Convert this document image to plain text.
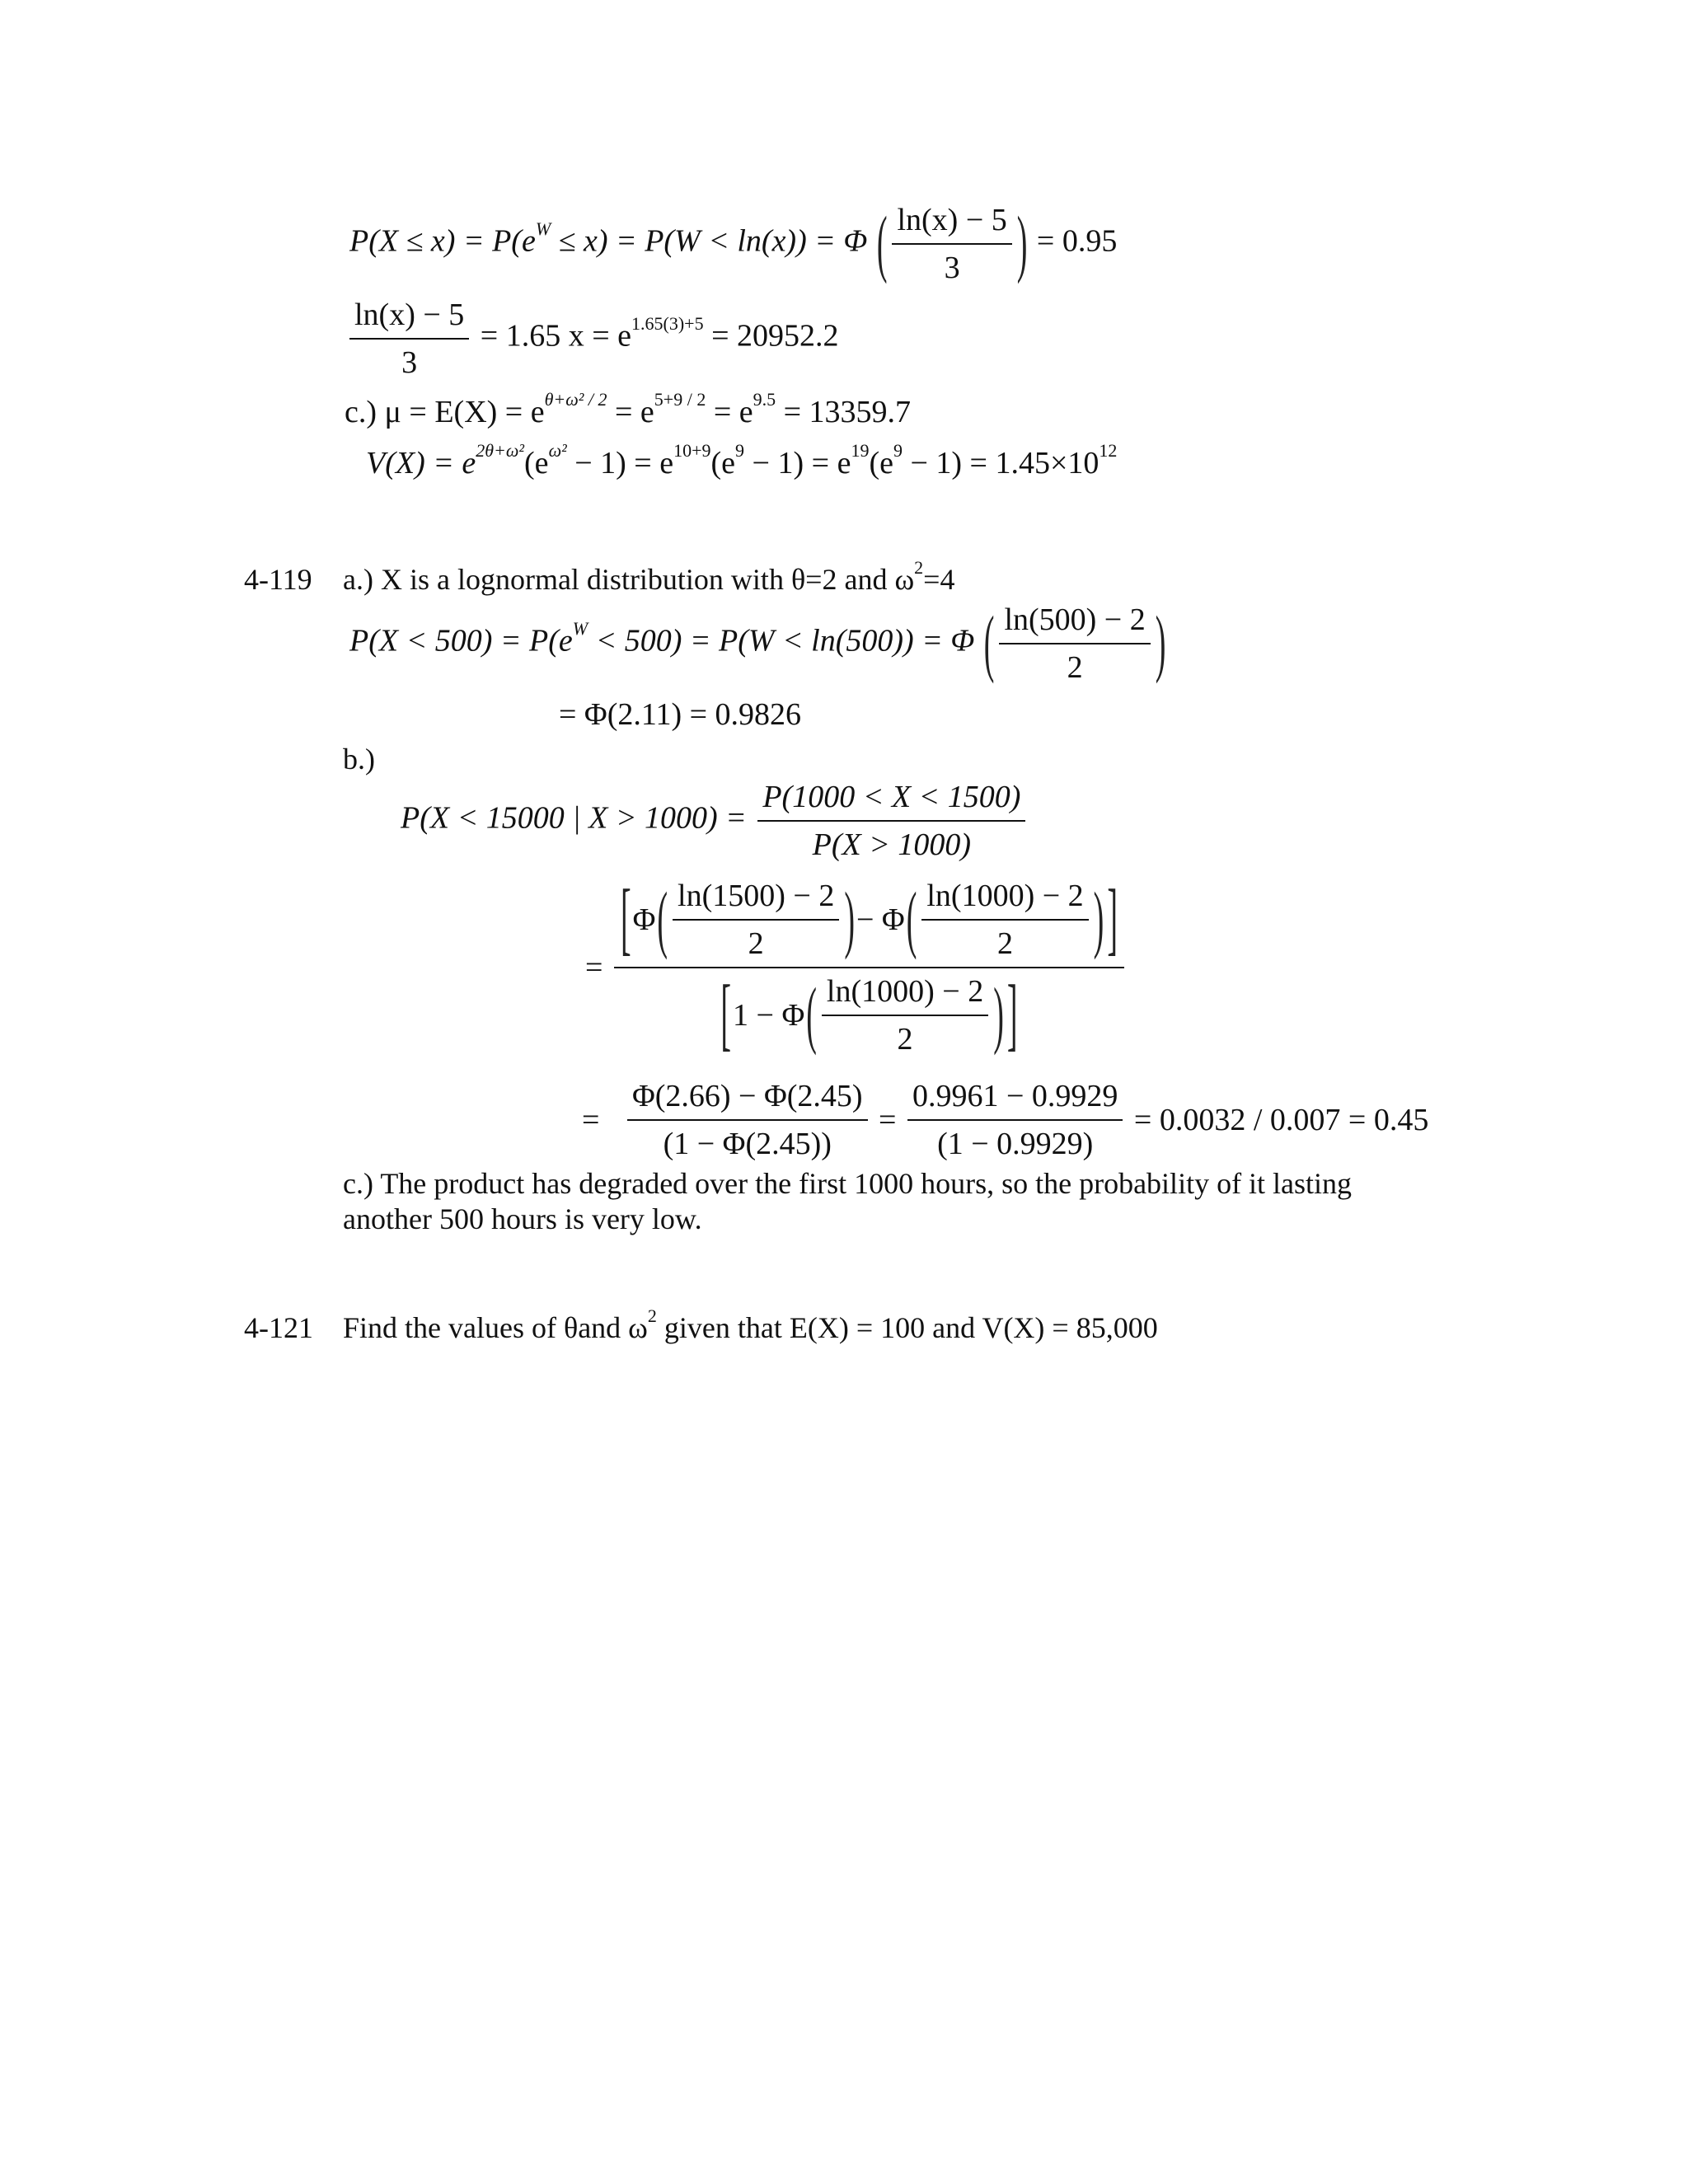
$P(X \le x) = P(e^W \le x) = P(W < \ln(x)) = \Phi$ ( $\frac{\ln(x) - 5}{3}$ ) = 0.95
$\frac{\ln(x) - 5}{3} = 1.65$ $x = e^{1.65(3)+5} = 20952.2$
c.) $\mu = E(X) = e^{\theta+\omega^2 / 2} = e^{5+9 / 2} = e^{9.5} = 13359.7$
$V(X) = e^{2\theta+\omega^2}(e^{\omega^2} - 1) = e^{10+9}(e^9 - 1) = e^{19}(e^9 - 1) = 1.45\times 10^{12}$
4-119 a.) X is a lognormal distribution with θ=2 and $\omega^2=4$
$P(X < 500) = P(e^W < 500) = P(W < \ln(500)) = \Phi$ ( $\frac{\ln(500) - 2}{2}$ )
= Φ(2.11) = 0.9826
b.)
P(X < 15000 | $X > 1000) = \frac{P(1000 < X < 1500)}{P(X > 1000)}$
= $\frac{[\Phi( \frac{\ln(1500) - 2}{2} )- \Phi( \frac{\ln(1000) - 2}{2} ) ]}{[1 - \Phi( \frac{\ln(1000) - 2}{2} ) ]}$
= $\frac{\Phi(2.66) - \Phi(2.45)}{(1 - \Phi(2.45))} = \frac{0.9961 - 0.9929}{(1 - 0.9929)} = 0.0032 / 0.007 = 0.45$
c.) The product has degraded over the first 1000 hours, so the probability of it lasting
another 500 hours is very low.
4-121 Find the values of θand $\omega^2$ given that E(X) = 100 and V(X) = 85,000
